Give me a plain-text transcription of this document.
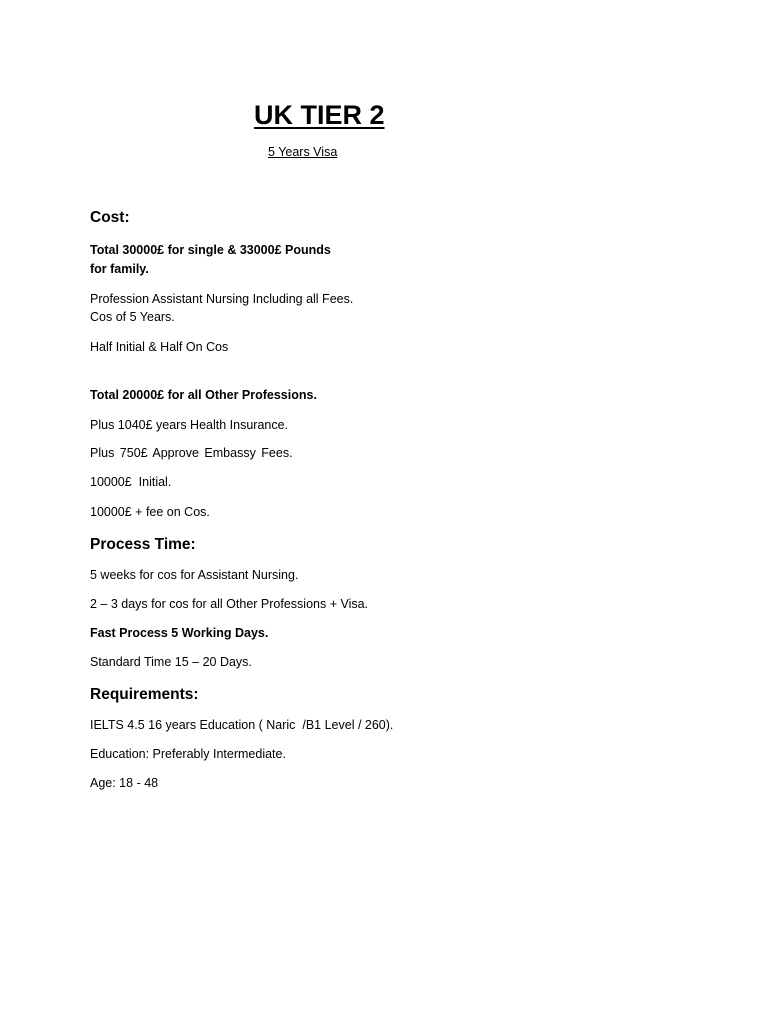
UK TIER 2
5 Years Visa
Cost:
Total 30000£ for single & 33000£ Pounds
for family.
Profession Assistant Nursing Including all Fees.
Cos of 5 Years.
Half Initial & Half On Cos
Total 20000£ for all Other Professions.
Plus 1040£ years Health Insurance.
Plus 750£ Approve Embassy Fees.
10000£  Initial.
10000£ + fee on Cos.
Process Time:
5 weeks for cos for Assistant Nursing.
2 – 3 days for cos for all Other Professions + Visa.
Fast Process 5 Working Days.
Standard Time 15 – 20 Days.
Requirements:
IELTS 4.5 16 years Education ( Naric  /B1 Level / 260).
Education: Preferably Intermediate.
Age: 18 - 48
